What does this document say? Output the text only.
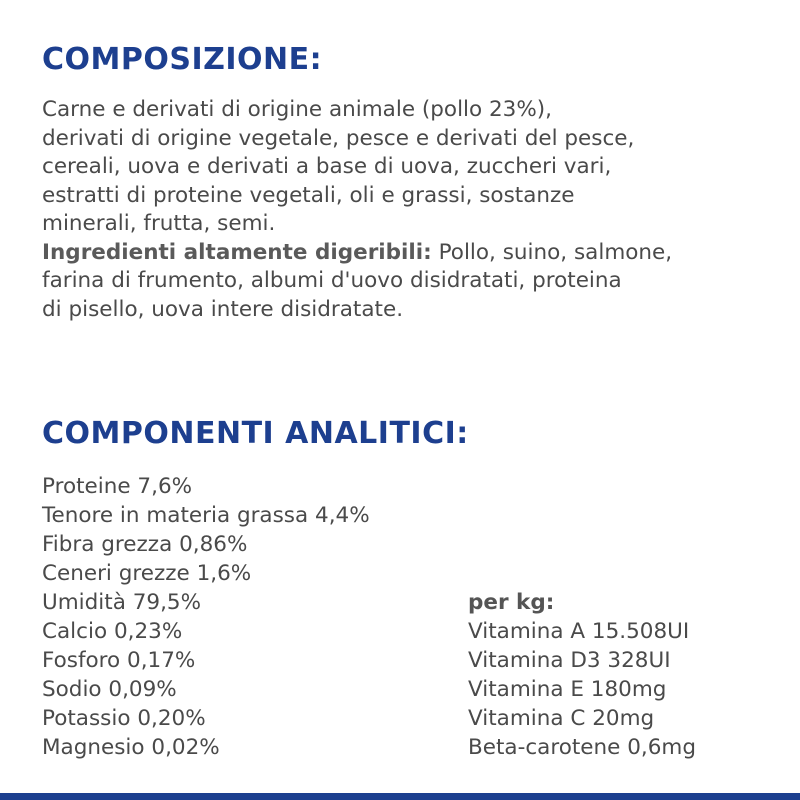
COMPOSIZIONE:
Carne e derivati di origine animale (pollo 23%),
derivati di origine vegetale, pesce e derivati del pesce,
cereali, uova e derivati a base di uova, zuccheri vari,
estratti di proteine vegetali, oli e grassi, sostanze
minerali, frutta, semi.
Ingredienti altamente digeribili: Pollo, suino, salmone,
farina di frumento, albumi d'uovo disidratati, proteina
di pisello, uova intere disidratate.
COMPONENTI ANALITICI:
Proteine 7,6%
Tenore in materia grassa 4,4%
Fibra grezza 0,86%
Ceneri grezze 1,6%
Umidità 79,5%
Calcio 0,23%
Fosforo 0,17%
Sodio 0,09%
Potassio 0,20%
Magnesio 0,02%
per kg:
Vitamina A 15.508UI
Vitamina D3 328UI
Vitamina E 180mg
Vitamina C 20mg
Beta-carotene 0,6mg
